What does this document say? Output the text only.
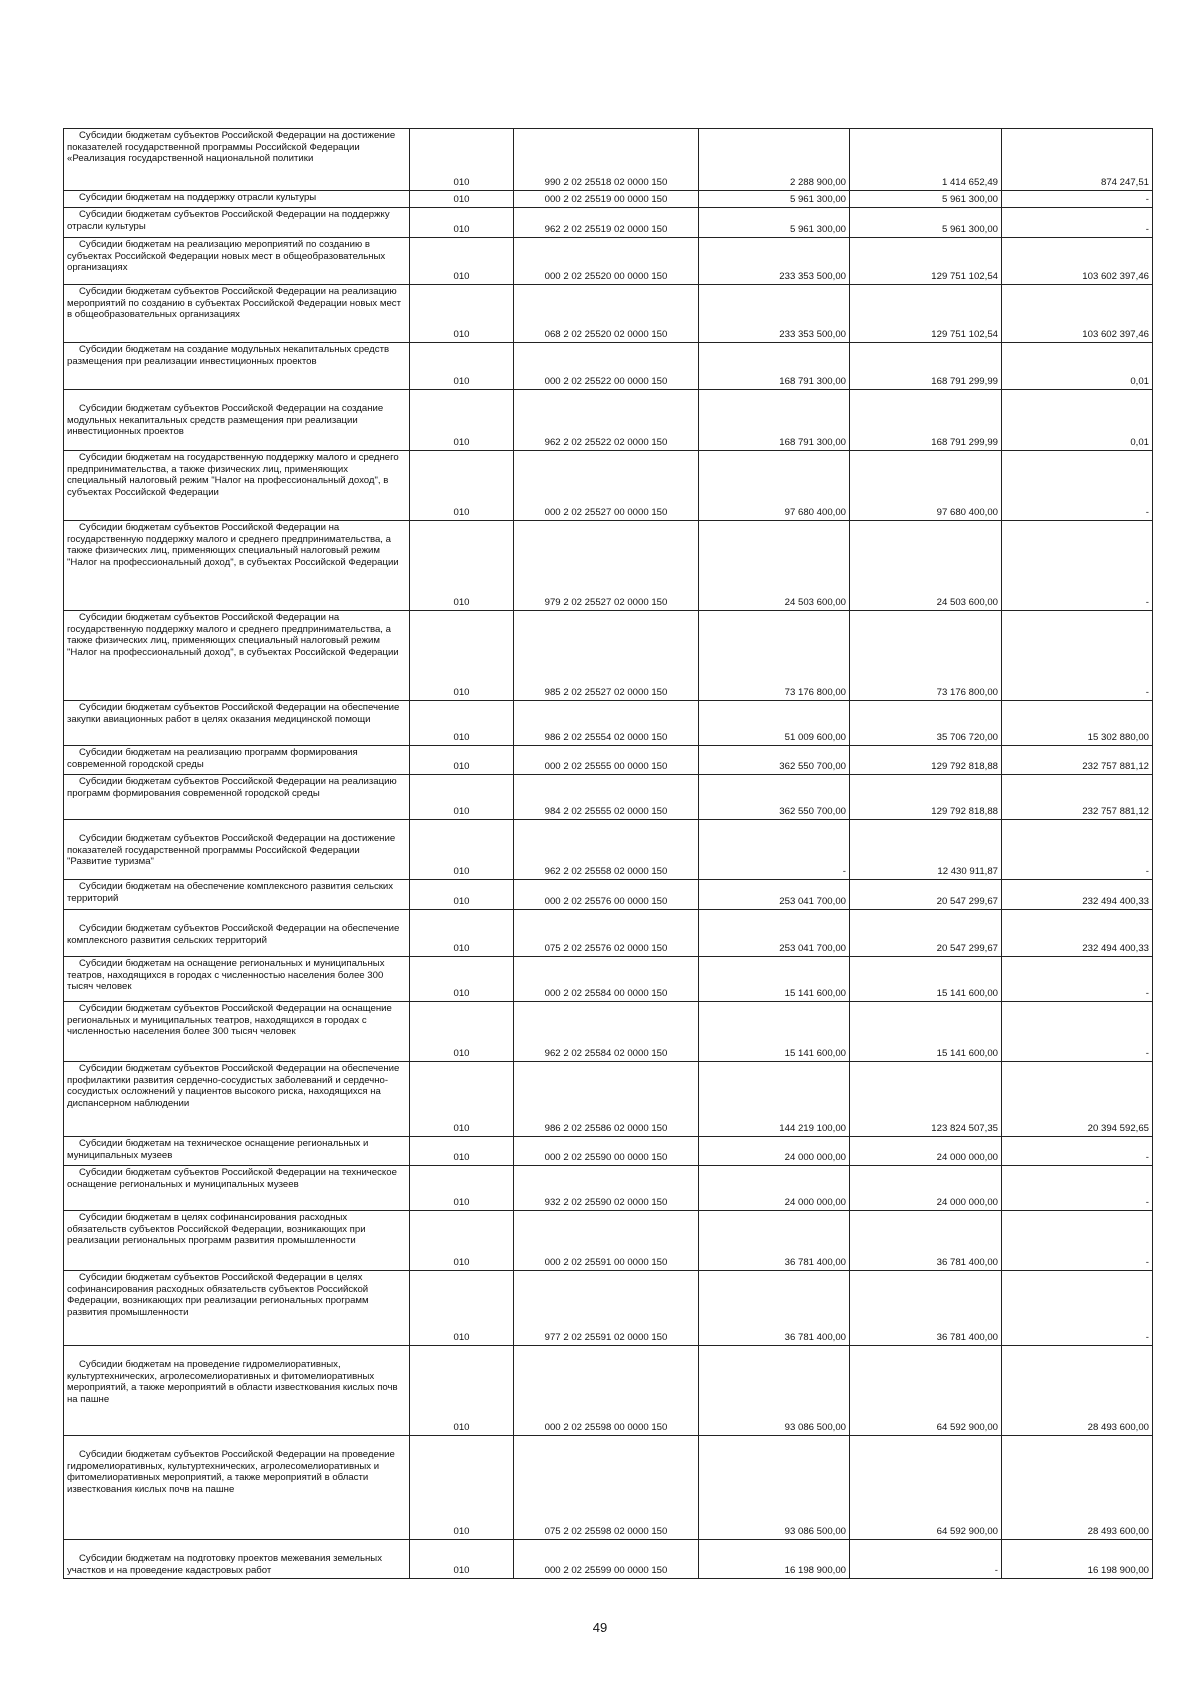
Субсидии бюджетам субъектов Российской Федерации на достижение показателей государственной программы Российской Федерации «Реализация государственной национальной политики	010	990 2 02 25518 02 0000 150	2 288 900,00	1 414 652,49	874 247,51
Субсидии бюджетам на поддержку отрасли культуры	010	000 2 02 25519 00 0000 150	5 961 300,00	5 961 300,00	-
Субсидии бюджетам субъектов Российской Федерации на поддержку отрасли культуры	010	962 2 02 25519 02 0000 150	5 961 300,00	5 961 300,00	-
Субсидии бюджетам на реализацию мероприятий по созданию в субъектах Российской Федерации новых мест в общеобразовательных организациях	010	000 2 02 25520 00 0000 150	233 353 500,00	129 751 102,54	103 602 397,46
Субсидии бюджетам субъектов Российской Федерации на реализацию мероприятий по созданию в субъектах Российской Федерации новых мест в общеобразовательных организациях	010	068 2 02 25520 02 0000 150	233 353 500,00	129 751 102,54	103 602 397,46
Субсидии бюджетам на создание модульных некапитальных средств размещения при реализации инвестиционных проектов	010	000 2 02 25522 00 0000 150	168 791 300,00	168 791 299,99	0,01
Субсидии бюджетам субъектов Российской Федерации на создание модульных некапитальных средств размещения при реализации инвестиционных проектов	010	962 2 02 25522 02 0000 150	168 791 300,00	168 791 299,99	0,01
Субсидии бюджетам на государственную поддержку малого и среднего предпринимательства, а также физических лиц, применяющих специальный налоговый режим "Налог на профессиональный доход", в субъектах Российской Федерации	010	000 2 02 25527 00 0000 150	97 680 400,00	97 680 400,00	-
Субсидии бюджетам субъектов Российской Федерации на государственную поддержку малого и среднего предпринимательства, а также физических лиц, применяющих специальный налоговый режим "Налог на профессиональный доход", в субъектах Российской Федерации	010	979 2 02 25527 02 0000 150	24 503 600,00	24 503 600,00	-
Субсидии бюджетам субъектов Российской Федерации на государственную поддержку малого и среднего предпринимательства, а также физических лиц, применяющих специальный налоговый режим "Налог на профессиональный доход", в субъектах Российской Федерации	010	985 2 02 25527 02 0000 150	73 176 800,00	73 176 800,00	-
Субсидии бюджетам субъектов Российской Федерации на обеспечение закупки авиационных работ в целях оказания медицинской помощи	010	986 2 02 25554 02 0000 150	51 009 600,00	35 706 720,00	15 302 880,00
Субсидии бюджетам на реализацию программ формирования современной городской среды	010	000 2 02 25555 00 0000 150	362 550 700,00	129 792 818,88	232 757 881,12
Субсидии бюджетам субъектов Российской Федерации на реализацию программ формирования современной городской среды	010	984 2 02 25555 02 0000 150	362 550 700,00	129 792 818,88	232 757 881,12
Субсидии бюджетам субъектов Российской Федерации на достижение показателей государственной программы Российской Федерации "Развитие туризма"	010	962 2 02 25558 02 0000 150	-	12 430 911,87	-
Субсидии бюджетам на обеспечение комплексного развития сельских территорий	010	000 2 02 25576 00 0000 150	253 041 700,00	20 547 299,67	232 494 400,33
Субсидии бюджетам субъектов Российской Федерации на обеспечение комплексного развития сельских территорий	010	075 2 02 25576 02 0000 150	253 041 700,00	20 547 299,67	232 494 400,33
Субсидии бюджетам на оснащение региональных и муниципальных театров, находящихся в городах с численностью населения более 300 тысяч человек	010	000 2 02 25584 00 0000 150	15 141 600,00	15 141 600,00	-
Субсидии бюджетам субъектов Российской Федерации на оснащение региональных и муниципальных театров, находящихся в городах с численностью населения более 300 тысяч человек	010	962 2 02 25584 02 0000 150	15 141 600,00	15 141 600,00	-
Субсидии бюджетам субъектов Российской Федерации на обеспечение профилактики развития сердечно-сосудистых заболеваний и сердечно-сосудистых осложнений у пациентов высокого риска, находящихся на диспансерном наблюдении	010	986 2 02 25586 02 0000 150	144 219 100,00	123 824 507,35	20 394 592,65
Субсидии бюджетам на техническое оснащение региональных и муниципальных музеев	010	000 2 02 25590 00 0000 150	24 000 000,00	24 000 000,00	-
Субсидии бюджетам субъектов Российской Федерации на техническое оснащение региональных и муниципальных музеев	010	932 2 02 25590 02 0000 150	24 000 000,00	24 000 000,00	-
Субсидии бюджетам в целях софинансирования расходных обязательств субъектов Российской Федерации, возникающих при реализации региональных программ развития промышленности	010	000 2 02 25591 00 0000 150	36 781 400,00	36 781 400,00	-
Субсидии бюджетам субъектов Российской Федерации в целях софинансирования расходных обязательств субъектов Российской Федерации, возникающих при реализации региональных программ развития промышленности	010	977 2 02 25591 02 0000 150	36 781 400,00	36 781 400,00	-
Субсидии бюджетам на проведение гидромелиоративных, культуртехнических, агролесомелиоративных и фитомелиоративных мероприятий, а также мероприятий в области известкования кислых почв на пашне	010	000 2 02 25598 00 0000 150	93 086 500,00	64 592 900,00	28 493 600,00
Субсидии бюджетам субъектов Российской Федерации на проведение гидромелиоративных, культуртехнических, агролесомелиоративных и фитомелиоративных мероприятий, а также мероприятий в области известкования кислых почв на пашне	010	075 2 02 25598 02 0000 150	93 086 500,00	64 592 900,00	28 493 600,00
Субсидии бюджетам на подготовку проектов межевания земельных участков и на проведение кадастровых работ	010	000 2 02 25599 00 0000 150	16 198 900,00	-	16 198 900,00
49
